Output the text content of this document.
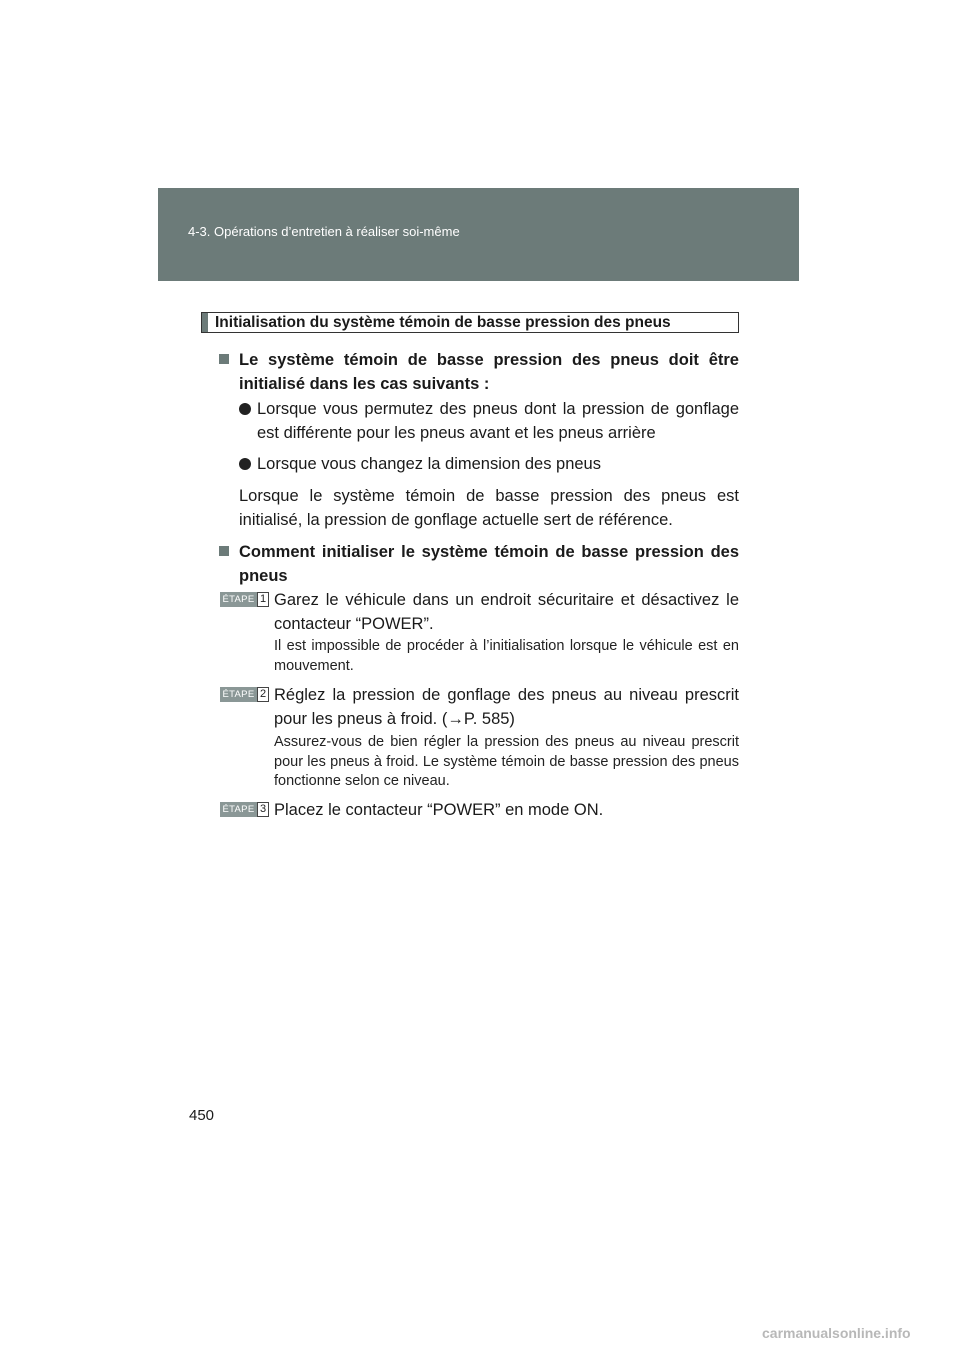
4-3. Opérations d’entretien à réaliser soi-même
Initialisation du système témoin de basse pression des pneus
Le système témoin de basse pression des pneus doit être initialisé dans les cas suivants :
Lorsque vous permutez des pneus dont la pression de gonflage est différente pour les pneus avant et les pneus arrière
Lorsque vous changez la dimension des pneus
Lorsque le système témoin de basse pression des pneus est initialisé, la pression de gonflage actuelle sert de référence.
Comment initialiser le système témoin de basse pression des pneus
ÉTAPE 1 Garez le véhicule dans un endroit sécuritaire et désactivez le contacteur “POWER”.
Il est impossible de procéder à l’initialisation lorsque le véhicule est en mouvement.
ÉTAPE 2 Réglez la pression de gonflage des pneus au niveau prescrit pour les pneus à froid. (→P. 585)
Assurez-vous de bien régler la pression des pneus au niveau prescrit pour les pneus à froid. Le système témoin de basse pression des pneus fonctionne selon ce niveau.
ÉTAPE 3 Placez le contacteur “POWER” en mode ON.
450
carmanualsonline.info
